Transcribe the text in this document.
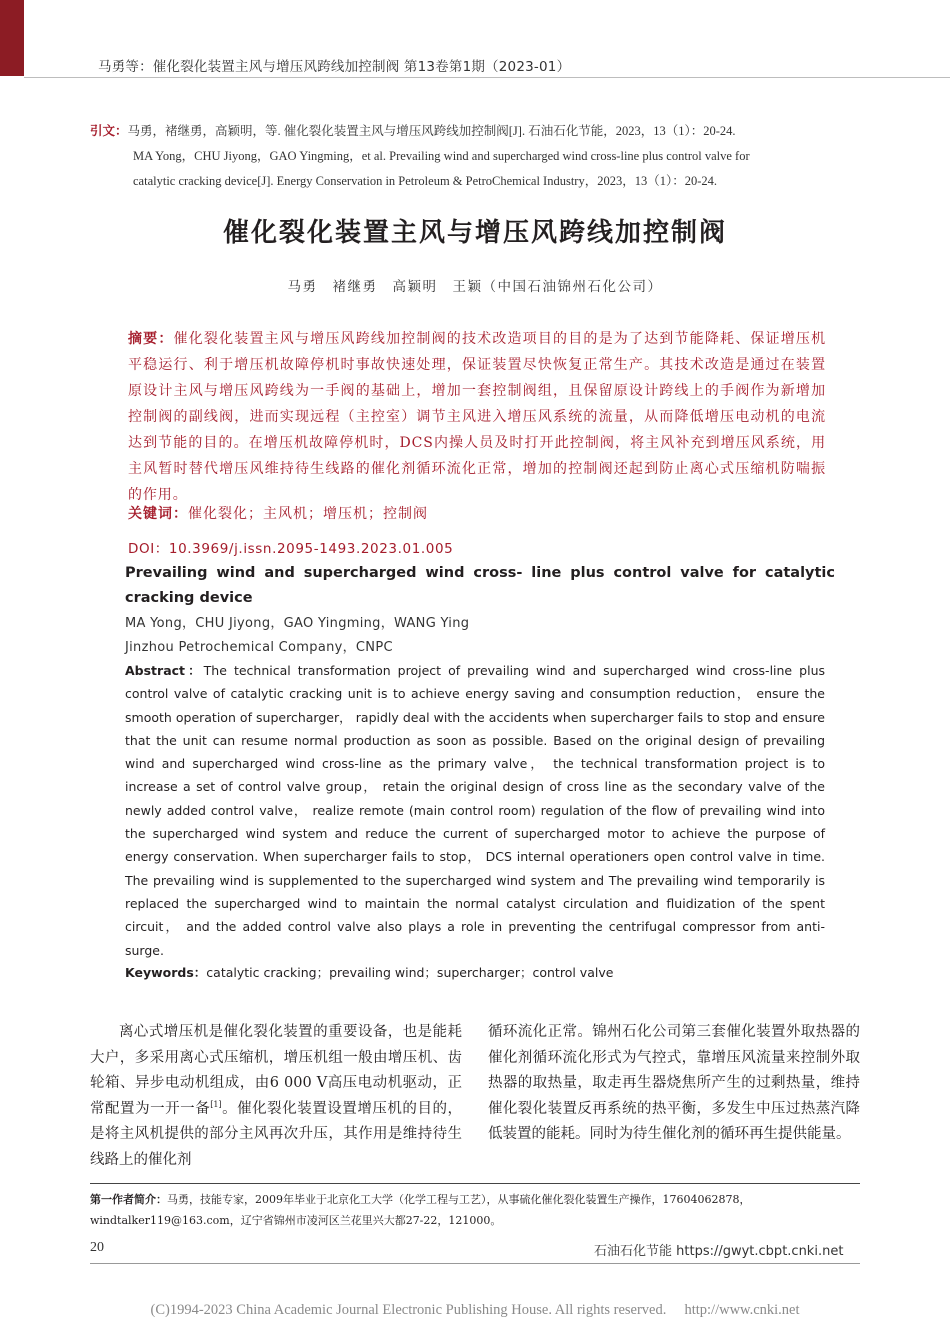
马勇等：催化裂化装置主风与增压风跨线加控制阀 第13卷第1期（2023-01）
引文：马勇，褚继勇，高颖明，等. 催化裂化装置主风与增压风跨线加控制阀[J]. 石油石化节能，2023，13（1）：20-24.
MA Yong，CHU Jiyong，GAO Yingming，et al. Prevailing wind and supercharged wind cross-line plus control valve for
catalytic cracking device[J]. Energy Conservation in Petroleum & PetroChemical Industry，2023，13（1）：20-24.
催化裂化装置主风与增压风跨线加控制阀
马勇　褚继勇　高颖明　王颖（中国石油锦州石化公司）
摘要：催化裂化装置主风与增压风跨线加控制阀的技术改造项目的目的是为了达到节能降耗、保证增压机平稳运行、利于增压机故障停机时事故快速处理，保证装置尽快恢复正常生产。其技术改造是通过在装置原设计主风与增压风跨线为一手阀的基础上，增加一套控制阀组，且保留原设计跨线上的手阀作为新增加控制阀的副线阀，进而实现远程（主控室）调节主风进入增压风系统的流量，从而降低增压电动机的电流达到节能的目的。在增压机故障停机时，DCS内操人员及时打开此控制阀，将主风补充到增压风系统，用主风暂时替代增压风维持待生线路的催化剂循环流化正常，增加的控制阀还起到防止离心式压缩机防喘振的作用。
关键词：催化裂化；主风机；增压机；控制阀
DOI：10.3969/j.issn.2095-1493.2023.01.005
Prevailing wind and supercharged wind cross- line plus control valve for catalytic cracking device
MA Yong，CHU Jiyong，GAO Yingming，WANG Ying
Jinzhou Petrochemical Company，CNPC
Abstract：The technical transformation project of prevailing wind and supercharged wind cross-line plus control valve of catalytic cracking unit is to achieve energy saving and consumption reduction， ensure the smooth operation of supercharger， rapidly deal with the accidents when supercharger fails to stop and ensure that the unit can resume normal production as soon as possible. Based on the original design of prevailing wind and supercharged wind cross-line as the primary valve， the technical transformation project is to increase a set of control valve group， retain the original design of cross line as the secondary valve of the newly added control valve， realize remote (main control room) regulation of the flow of prevailing wind into the supercharged wind system and reduce the current of supercharged motor to achieve the purpose of energy conservation. When supercharger fails to stop， DCS internal operationers open control valve in time. The prevailing wind is supplemented to the supercharged wind system and The prevailing wind temporarily is replaced the supercharged wind to maintain the normal catalyst circulation and fluidization of the spent circuit， and the added control valve also plays a role in preventing the centrifugal compressor from anti-surge.
Keywords：catalytic cracking；prevailing wind；supercharger；control valve

离心式增压机是催化裂化装置的重要设备，也是能耗大户，多采用离心式压缩机，增压机组一般由增压机、齿轮箱、异步电动机组成，由6 000 V高压电动机驱动，正常配置为一开一备[1]。催化裂化装置设置增压机的目的，是将主风机提供的部分主风再次升压，其作用是维持待生线路上的催化剂

循环流化正常。锦州石化公司第三套催化装置外取热器的催化剂循环流化形式为气控式，靠增压风流量来控制外取热器的取热量，取走再生器烧焦所产生的过剩热量，维持催化裂化装置反再系统的热平衡，多发生中压过热蒸汽降低装置的能耗。同时为待生催化剂的循环再生提供能量。

第一作者简介：马勇，技能专家，2009年毕业于北京化工大学（化学工程与工艺），从事硫化催化裂化装置生产操作，17604062878，windtalker119@163.com，辽宁省锦州市凌河区兰花里兴大都27-22，121000。
20	石油石化节能 https://gwyt.cbpt.cnki.net
(C)1994-2023 China Academic Journal Electronic Publishing House. All rights reserved.　 http://www.cnki.net
